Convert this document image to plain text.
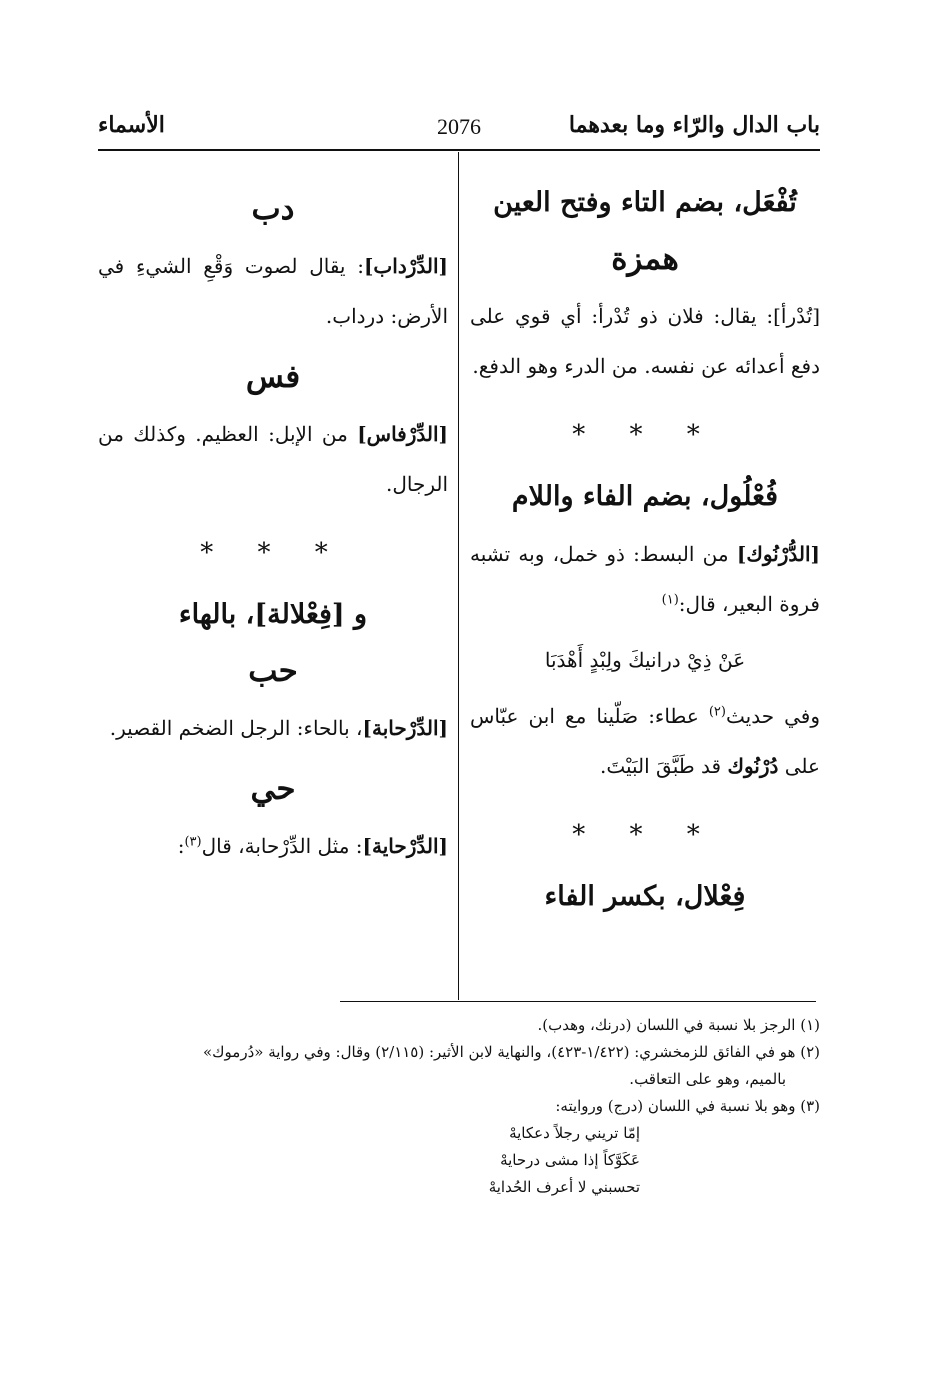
باب الدال والرّاء وما بعدهما
2076
الأسماء
تُفْعَل، بضم التاء وفتح العين
همزة
[تُدْرأ]: يقال: فلان ذو تُدْرأ: أي قوي على دفع أعدائه عن نفسه. من الدرء وهو الدفع.
* * *
فُعْلُول، بضم الفاء واللام
[الدُّرْنُوك] من البسط: ذو خمل، وبه تشبه فروة البعير، قال:$^{(١)}$
عَنْ ذِيْ درانيكَ ولِبْدٍ أَهْدَبَا
وفي حديث$^{(٢)}$ عطاء: صَلّينا مع ابن عبّاس على دُرْنُوك قد طَبَّقَ البَيْتَ.
* * *
فِعْلال، بكسر الفاء
دب
[الدِّرْداب]: يقال لصوت وَقْعِ الشيءِ في الأرض: درداب.
فس
[الدِّرْفاس] من الإبل: العظيم. وكذلك من الرجال.
* * *
و [فِعْلالة]، بالهاء
حب
[الدِّرْحابة]، بالحاء: الرجل الضخم القصير.
حي
[الدِّرْحاية]: مثل الدِّرْحابة، قال$^{(٣)}$:
(١) الرجز بلا نسبة في اللسان (درنك، وهدب).
(٢) هو في الفائق للزمخشري: (١/٤٢٢-٤٢٣)، والنهاية لابن الأثير: (٢/١١٥) وقال: وفي رواية «دُرموك»
بالميم، وهو على التعاقب.
(٣) وهو بلا نسبة في اللسان (درج) وروايته:
إمّا تريني رجلاً دعكايهْ
عَكَوَّكاً إذا مشى درحايهْ
تحسبني لا أعرف الحُدايهْ
